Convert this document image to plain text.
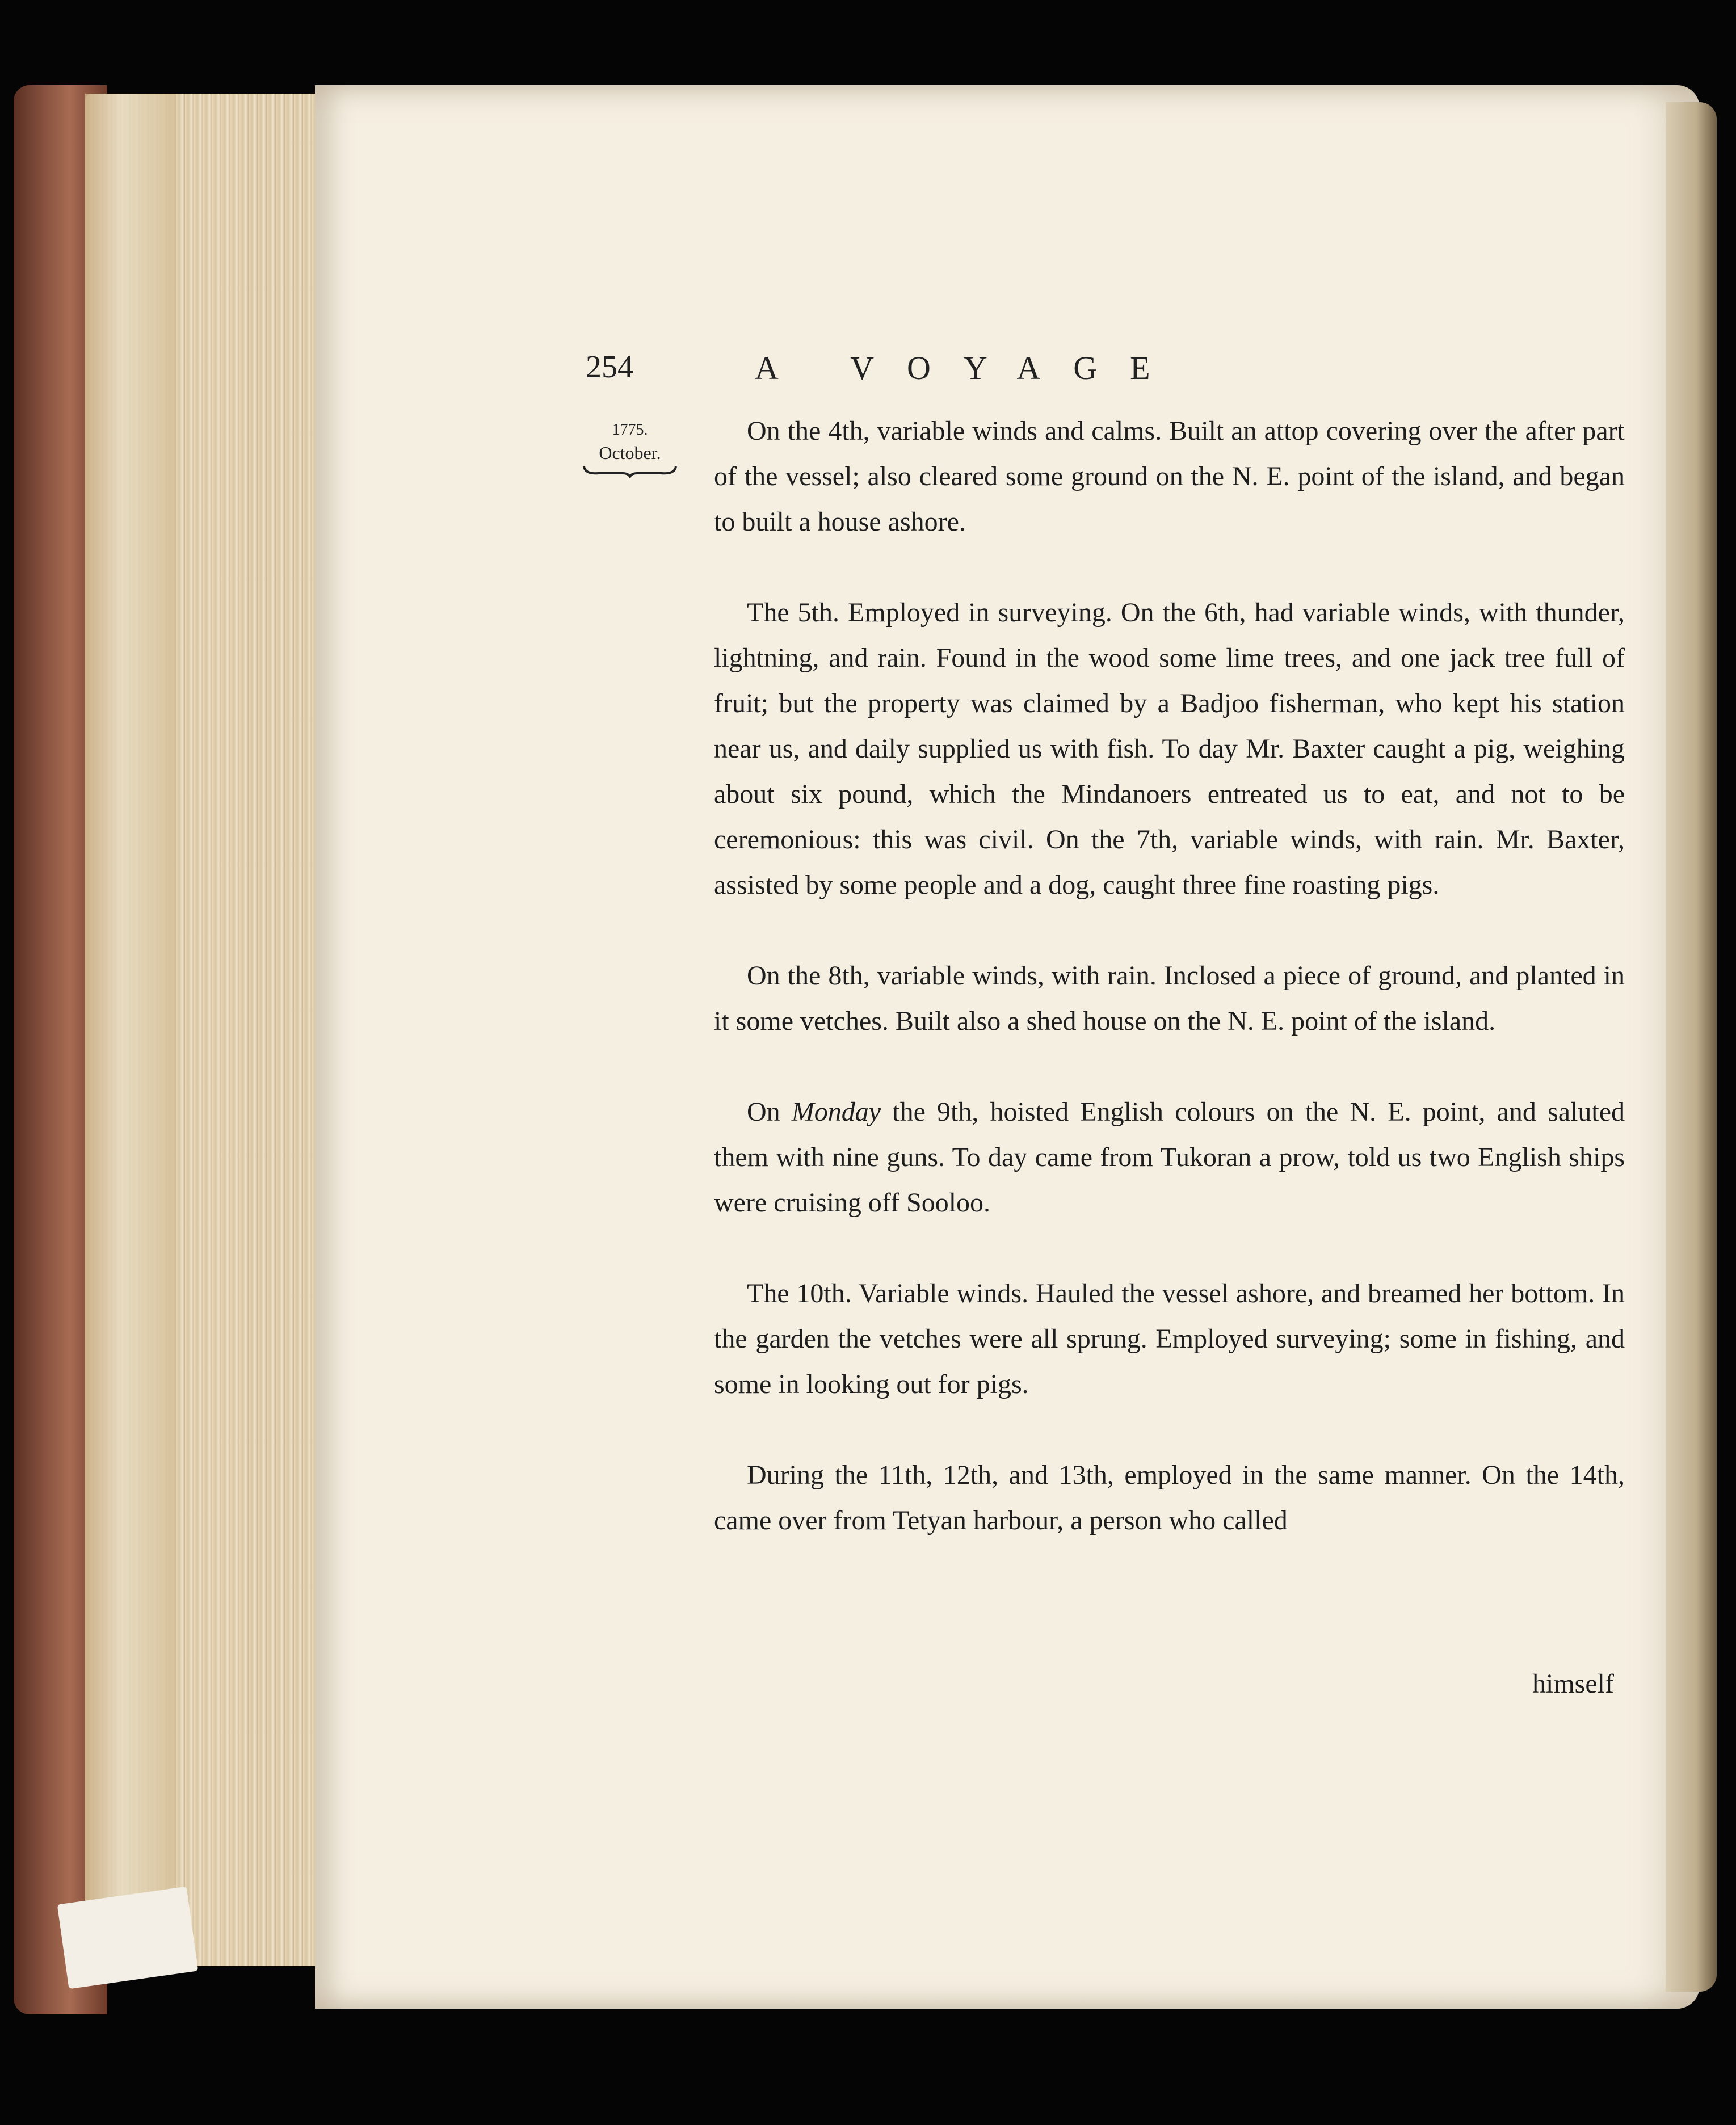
254	A VOYAGE
1775.
October.

On the 4th, variable winds and calms. Built an attop covering over the after part of the vessel; also cleared some ground on the N. E. point of the island, and began to built a house ashore.

The 5th. Employed in surveying. On the 6th, had variable winds, with thunder, lightning, and rain. Found in the wood some lime trees, and one jack tree full of fruit; but the property was claimed by a Badjoo fisherman, who kept his station near us, and daily supplied us with fish. To day Mr. Baxter caught a pig, weighing about six pound, which the Mindanoers entreated us to eat, and not to be ceremonious: this was civil. On the 7th, variable winds, with rain. Mr. Baxter, assisted by some people and a dog, caught three fine roasting pigs.

On the 8th, variable winds, with rain. Inclosed a piece of ground, and planted in it some vetches. Built also a shed house on the N. E. point of the island.

On Monday the 9th, hoisted English colours on the N. E. point, and saluted them with nine guns. To day came from Tukoran a prow, told us two English ships were cruising off Sooloo.

The 10th. Variable winds. Hauled the vessel ashore, and breamed her bottom. In the garden the vetches were all sprung. Employed surveying; some in fishing, and some in looking out for pigs.

During the 11th, 12th, and 13th, employed in the same manner. On the 14th, came over from Tetyan harbour, a person who called

himself
